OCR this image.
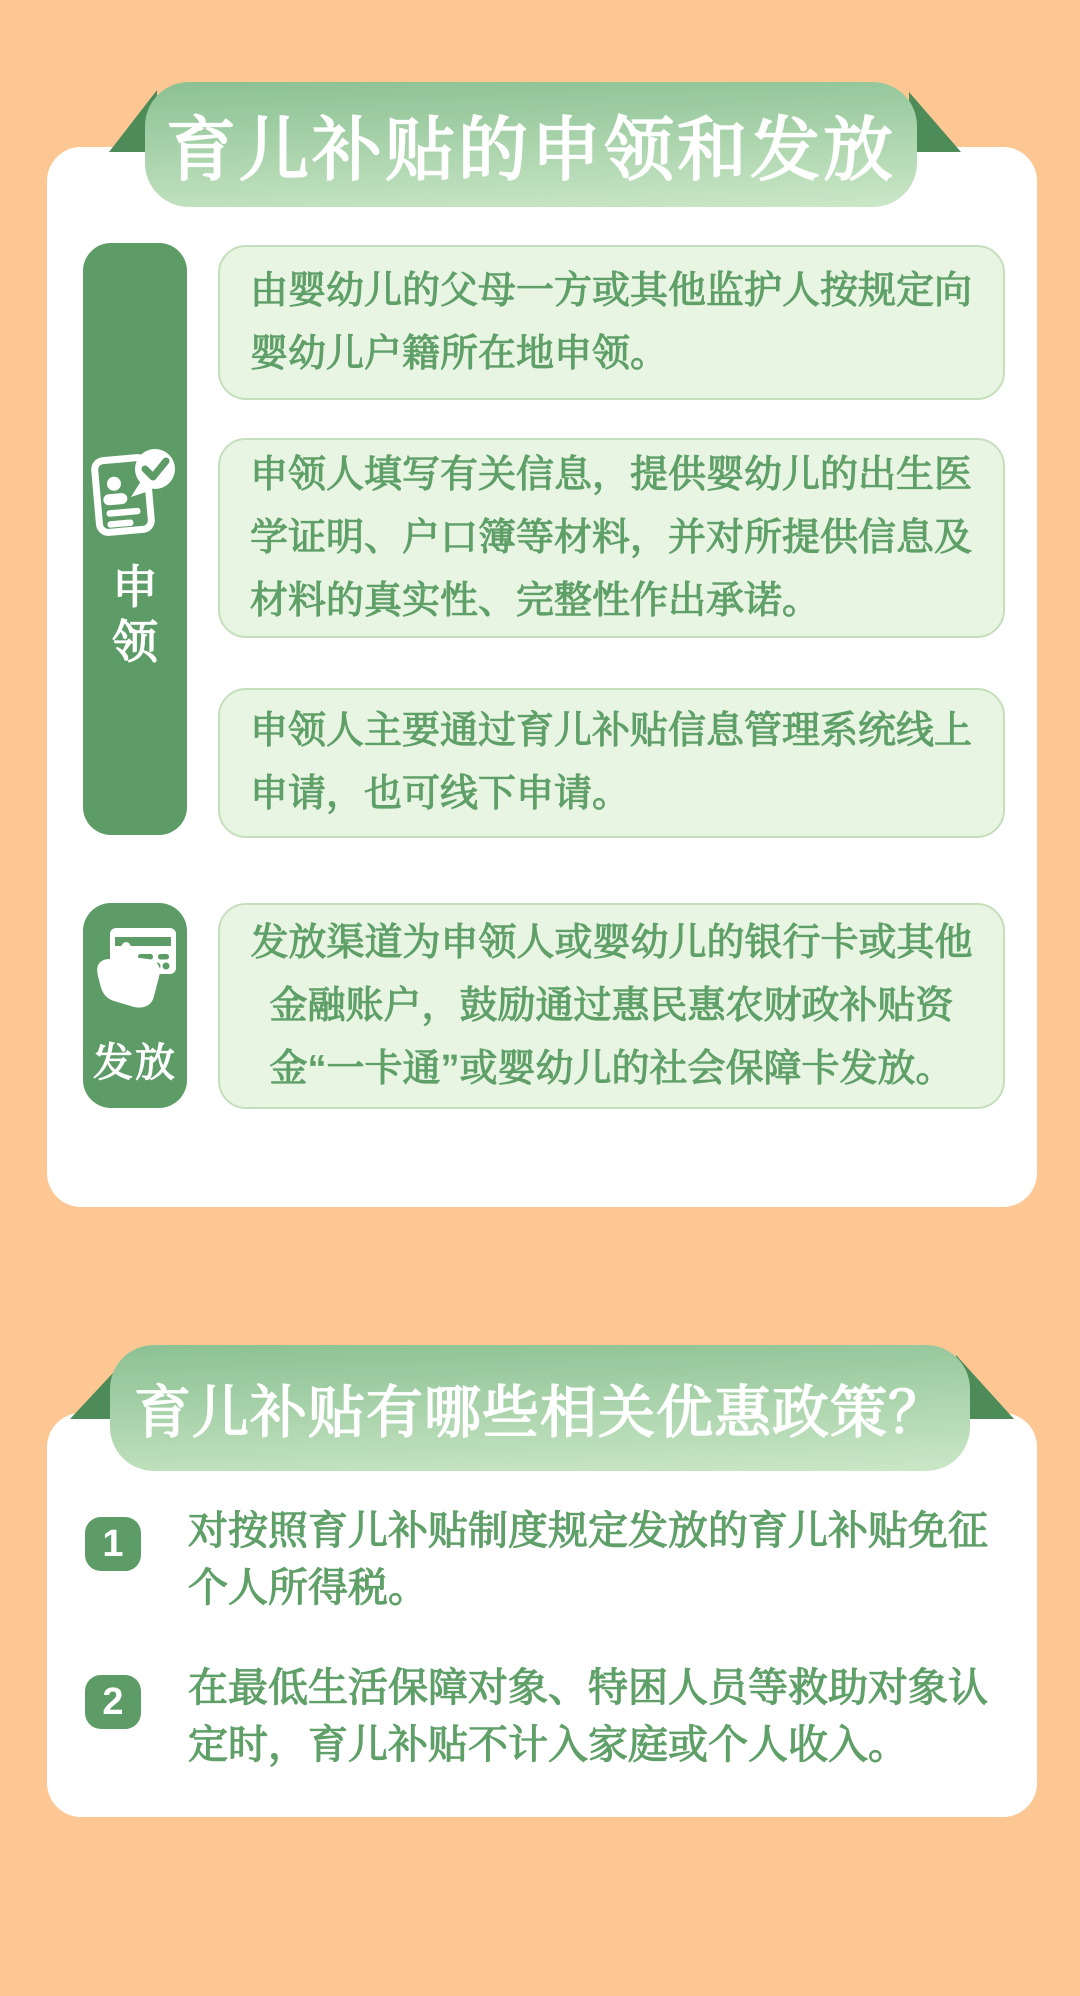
育儿补贴的申领和发放
申领

由婴幼儿的父母一方或其他监护人按规定向婴幼儿户籍所在地申领。

申领人填写有关信息，提供婴幼儿的出生医学证明、户口簿等材料，并对所提供信息及材料的真实性、完整性作出承诺。

申领人主要通过育儿补贴信息管理系统线上申请，也可线下申请。

发放

发放渠道为申领人或婴幼儿的银行卡或其他金融账户，鼓励通过惠民惠农财政补贴资金“一卡通”或婴幼儿的社会保障卡发放。

育儿补贴有哪些相关优惠政策？
1	对按照育儿补贴制度规定发放的育儿补贴免征个人所得税。

2	在最低生活保障对象、特困人员等救助对象认定时，育儿补贴不计入家庭或个人收入。
